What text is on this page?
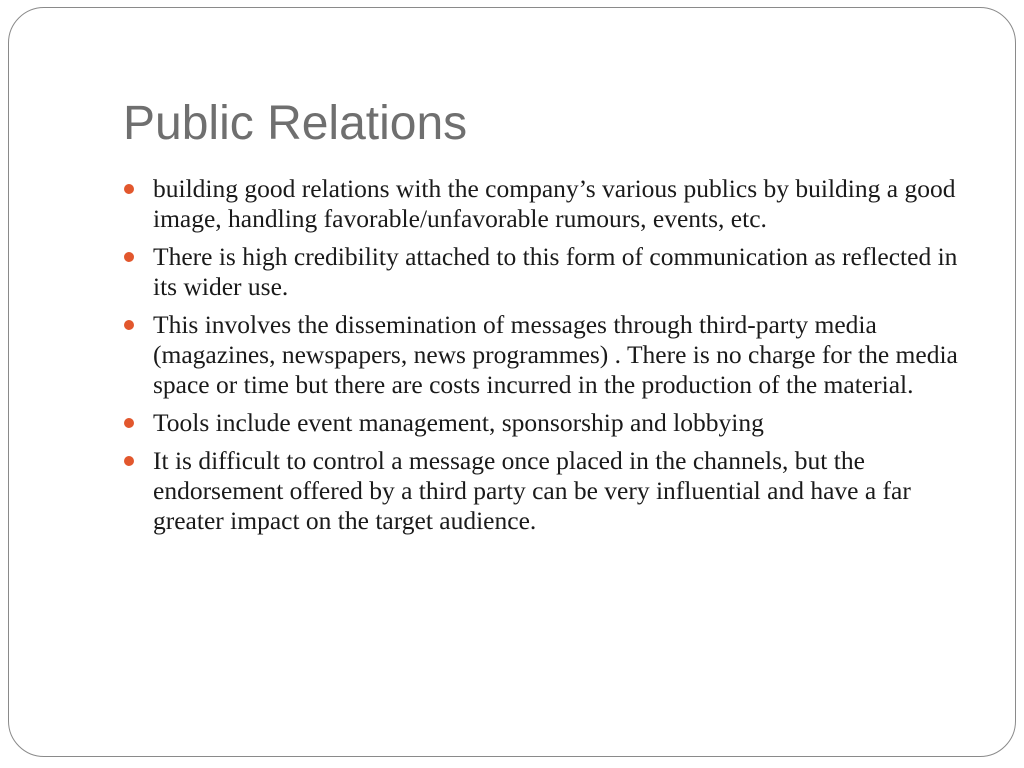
Public Relations
building good relations with the company’s various publics by building a good image, handling favorable/unfavorable rumours, events, etc.
There is high credibility attached to this form of communication as reflected in its wider use.
This involves the dissemination of messages through third-party media (magazines, newspapers, news programmes) . There is no charge for the media space or time but there are costs incurred in the production of the material.
Tools include event management, sponsorship and lobbying
It is difficult to control a message once placed in the channels, but the endorsement offered by a third party can be very influential and have a far greater impact on the target audience.
